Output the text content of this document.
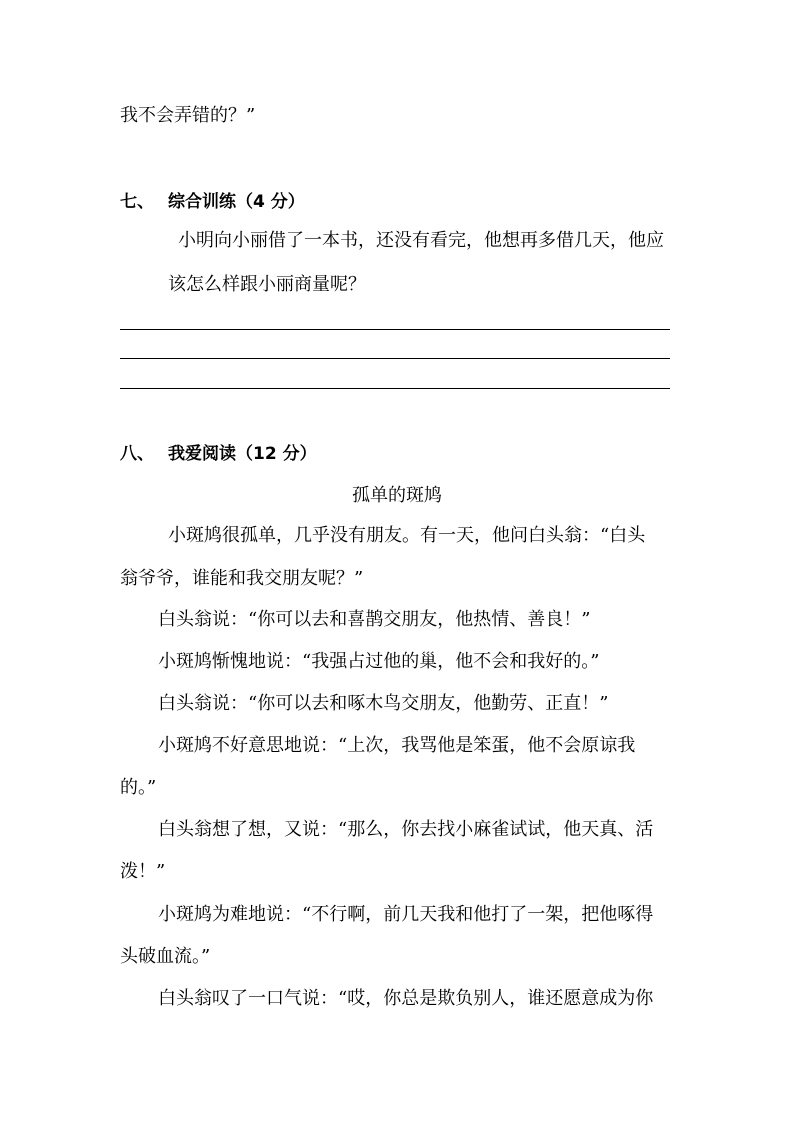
我不会弄错的？”
七、 综合训练（4 分）
小明向小丽借了一本书，还没有看完，他想再多借几天，他应
该怎么样跟小丽商量呢？
八、 我爱阅读（12 分）
孤单的斑鸠
小斑鸠很孤单，几乎没有朋友。有一天，他问白头翁：“白头
翁爷爷，谁能和我交朋友呢？”
白头翁说：“你可以去和喜鹊交朋友，他热情、善良！”
小斑鸠惭愧地说：“我强占过他的巢，他不会和我好的。”
白头翁说：“你可以去和啄木鸟交朋友，他勤劳、正直！”
小斑鸠不好意思地说：“上次，我骂他是笨蛋，他不会原谅我
的。”
白头翁想了想，又说：“那么，你去找小麻雀试试，他天真、活
泼！”
小斑鸠为难地说：“不行啊，前几天我和他打了一架，把他啄得
头破血流。”
白头翁叹了一口气说：“哎，你总是欺负别人，谁还愿意成为你
